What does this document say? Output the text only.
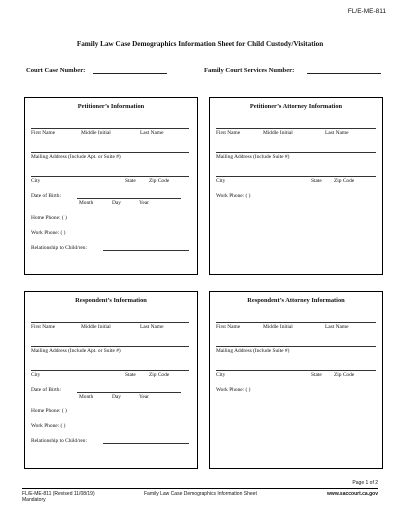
FL/E-ME-811
Family Law Case Demographics Information Sheet for Child Custody/Visitation
Court Case Number:	Family Court Services Number:
Petitioner’s Information
First Name	Middle Initial	Last Name
Mailing Address (Include Apt. or Suite #)
City	State Zip Code
Date of Birth:
Month	Day	Year
Home Phone: ( )
Work Phone: ( )
Relationship to Child/ren:
Petitioner’s Attorney Information
First Name	Middle Initial	Last Name
Mailing Address (Include Suite #)
City	State Zip Code
Work Phone: ( )
Respondent’s Information
First Name	Middle Initial	Last Name
Mailing Address (Include Apt. or Suite #)
City	State Zip Code
Date of Birth:
Month	Day	Year
Home Phone: ( )
Work Phone: ( )
Relationship to Child/ren:
Respondent’s Attorney Information
First Name	Middle Initial	Last Name
Mailing Address (Include Suite #)
City	State Zip Code
Work Phone: ( )
Page 1 of 2
FL/E-ME-811 (Revised 11/08/19)
Mandatory
Family Law Case Demographics Information Sheet	www.saccourt.ca.gov
